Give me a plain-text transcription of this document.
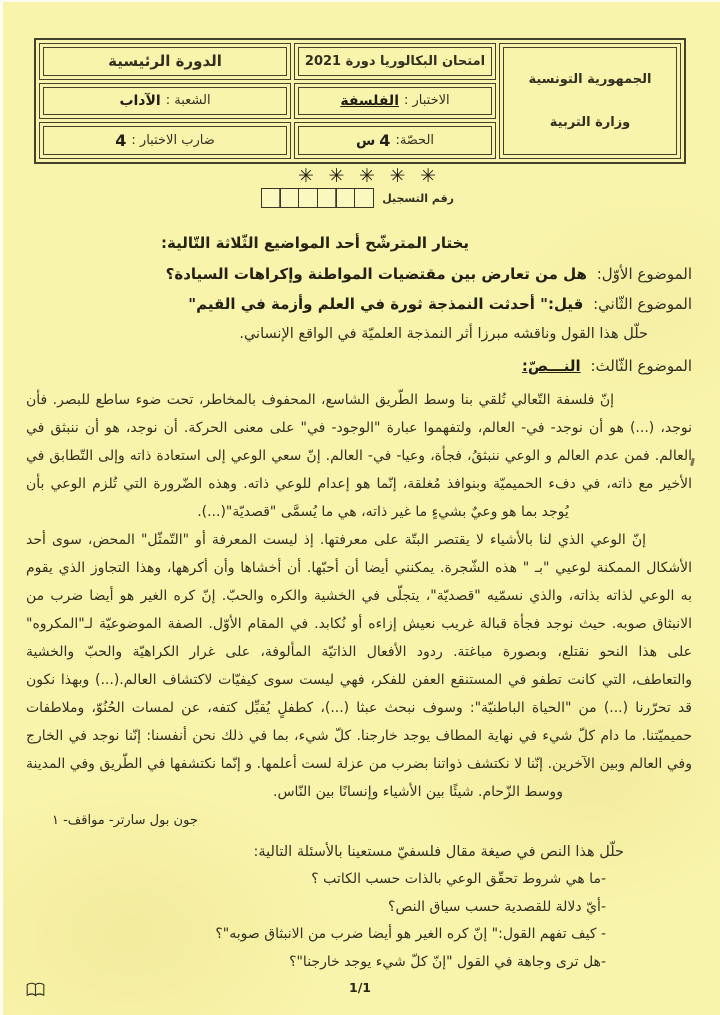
الجمهورية التونسية
وزارة التربية
امتحان البكالوريا دورة 2021
الاختبار :
الفلسفة
الحصّة:
4
س
الدورة الرئيسية
الشعبة :
الآداب
ضارب الاختبار :
4
✳ ✳ ✳ ✳ ✳
رقم التسجيل
يختار المترشّح أحد المواضيع الثّلاثة التّالية:
الموضوع الأوّل: هل من تعارض بين مقتضيات المواطنة وإكراهات السيادة؟
الموضوع الثّاني: قيل:" أحدثت النمذجة ثورة في العلم وأزمة في القيم"
حلّل هذا القول وناقشه مبرزا أثر النمذجة العلميّة في الواقع الإنساني.
الموضوع الثّالث: النـــصّ:
إنّ فلسفة التّعالي تُلقي بنا وسط الطّريق الشاسع، المحفوف بالمخاطر، تحت ضوء ساطع للبصر. فأن
نوجد، (...) هو أن نوجد- في- العالم، ولتفهموا عبارة "الوجود- في" على معنى الحركة. أن نوجد، هو أن ننبثق في
العالم. فمن عدم العالم و الوعي ننبثقُ، فجأة، وعيا- في- العالم. إنّ سعي الوعي إلى استعادة ذاته وإلى التّطابق في
الأخير مع ذاته، في دفء الحميميّة وبنوافذ مُغلقة، إنّما هو إعدام للوعي ذاته. وهذه الضّرورة التي تُلزم الوعي بأن
يُوجد بما هو وعيٌ بشيءٍ ما غير ذاته، هي ما يُسمَّى "قصديّة"(...).
إنّ الوعي الذي لنا بالأشياء لا يقتصر البتّة على معرفتها. إذ ليست المعرفة أو "التّمثّل" المحض، سوى أحد
الأشكال الممكنة لوعيي "بـ " هذه الشّجرة. يمكنني أيضا أن أحبّها. أن أخشاها وأن أكرهها، وهذا التجاوز الذي يقوم
به الوعي لذاته بذاته، والذي نسمّيه "قصديّة"، يتجلّى في الخشية والكره والحبّ. إنّ كره الغير هو أيضا ضرب من
الانبثاق صوبه. حيث نوجد فجأة قبالة غريب نعيش إزاءه أو نُكابد. في المقام الأوّل. الصفة الموضوعيّة لـ"المكروه"
على هذا النحو نقتلع، وبصورة مباغتة. ردود الأفعال الذاتيّة المألوفة، على غرار الكراهيّة والحبّ والخشية
والتعاطف، التي كانت تطفو في المستنقع العفن للفكر، فهي ليست سوى كيفيّات لاكتشاف العالم.(...) وبهذا نكون
قد تحرّرنا (...) من "الحياة الباطنيّة": وسوف نبحث عبثا (...)، كطفلٍ يُقبِّل كتفه، عن لمسات الحُنُوّ، وملاطفات
حميميّتنا. ما دام كلّ شيء في نهاية المطاف يوجد خارجنا. كلّ شيء، بما في ذلك نحن أنفسنا: إنّنا نوجد في الخارج
وفي العالم وبين الآخرين. إنّنا لا نكتشف ذواتنا بضرب من عزلة لست أعلمها. و إنّما نكتشفها في الطّريق وفي المدينة
ووسط الزّحام. شيئًا بين الأشياء وإنسانًا بين النّاس.
جون بول سارتر- مواقف- ١
حلّل هذا النص في صيغة مقال فلسفيّ مستعينا بالأسئلة التالية:
-ما هي شروط تحقّق الوعي بالذات حسب الكاتب ؟
-أيّ دلالة للقصدية حسب سياق النص؟
- كيف تفهم القول:" إنّ كره الغير هو أيضا ضرب من الانبثاق صوبه"؟
-هل ترى وجاهة في القول "إنّ كلّ شيء يوجد خارجنا"؟
1/1
